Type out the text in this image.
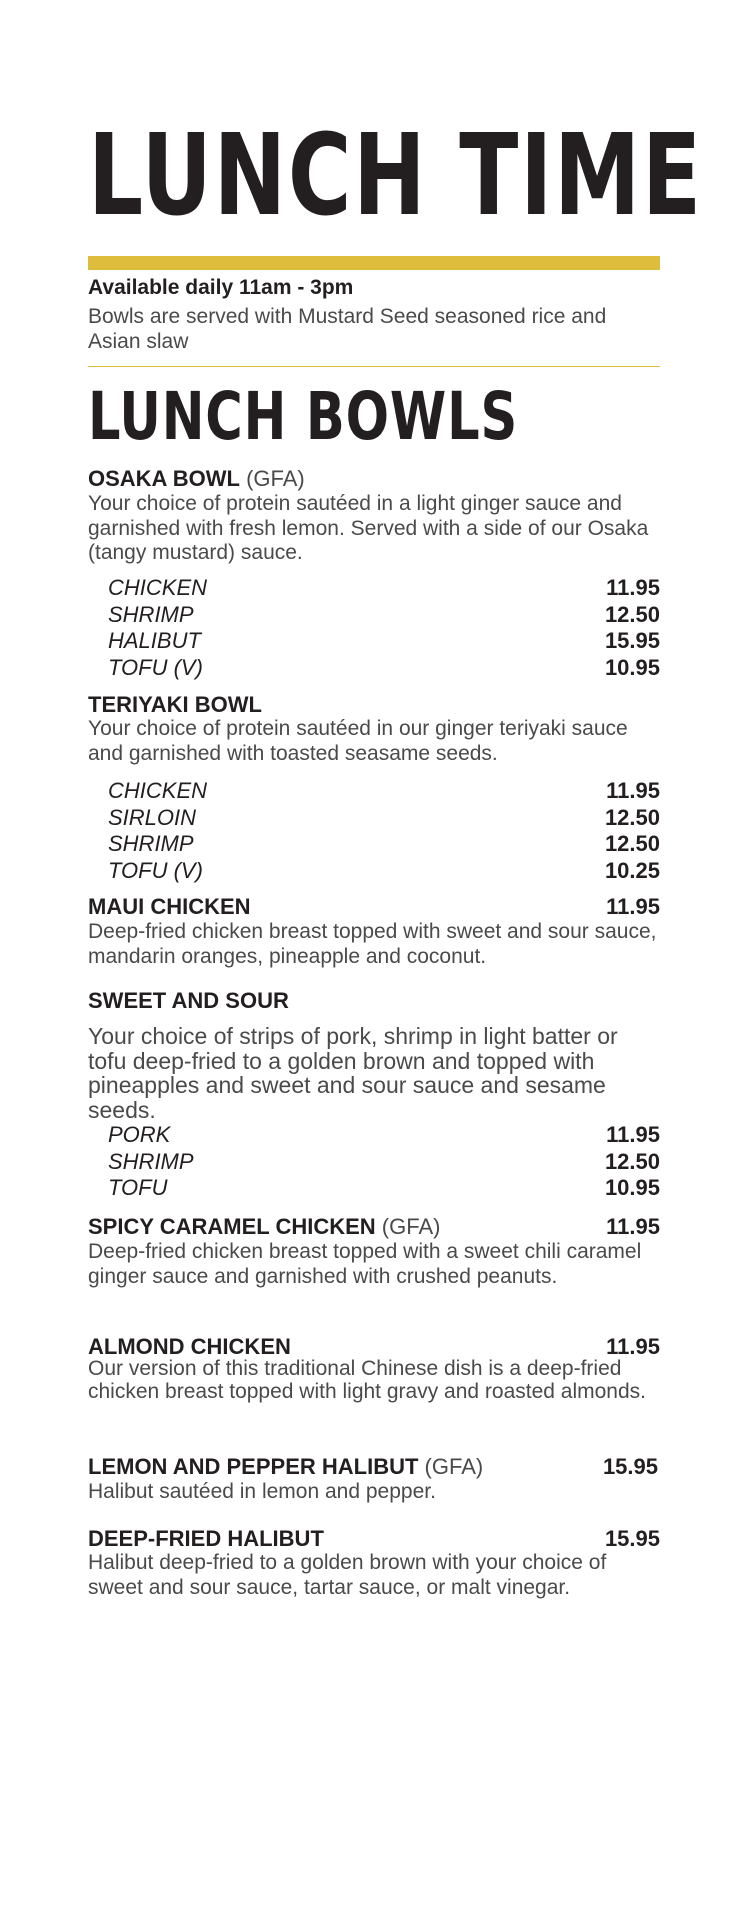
LUNCH TIME
Available daily 11am - 3pm
Bowls are served with Mustard Seed seasoned rice and Asian slaw
LUNCH BOWLS
OSAKA BOWL (GFA)
Your choice of protein sautéed in a light ginger sauce and garnished with fresh lemon. Served with a side of our Osaka (tangy mustard) sauce.
CHICKEN	11.95
SHRIMP	12.50
HALIBUT	15.95
TOFU (V)	10.95
TERIYAKI BOWL
Your choice of protein sautéed in our ginger teriyaki sauce and garnished with toasted seasame seeds.
CHICKEN	11.95
SIRLOIN	12.50
SHRIMP	12.50
TOFU (V)	10.25
MAUI CHICKEN	11.95
Deep-fried chicken breast topped with sweet and sour sauce, mandarin oranges, pineapple and coconut.
SWEET AND SOUR
Your choice of strips of pork, shrimp in light batter or tofu deep-fried to a golden brown and topped with pineapples and sweet and sour sauce and sesame seeds.
PORK	11.95
SHRIMP	12.50
TOFU	10.95
SPICY CARAMEL CHICKEN (GFA)	11.95
Deep-fried chicken breast topped with a sweet chili caramel ginger sauce and garnished with crushed peanuts.
ALMOND CHICKEN	11.95
Our version of this traditional Chinese dish is a deep-fried chicken breast topped with light gravy and roasted almonds.
LEMON AND PEPPER HALIBUT (GFA)	15.95
Halibut sautéed in lemon and pepper.
DEEP-FRIED HALIBUT	15.95
Halibut deep-fried to a golden brown with your choice of sweet and sour sauce, tartar sauce, or malt vinegar.
